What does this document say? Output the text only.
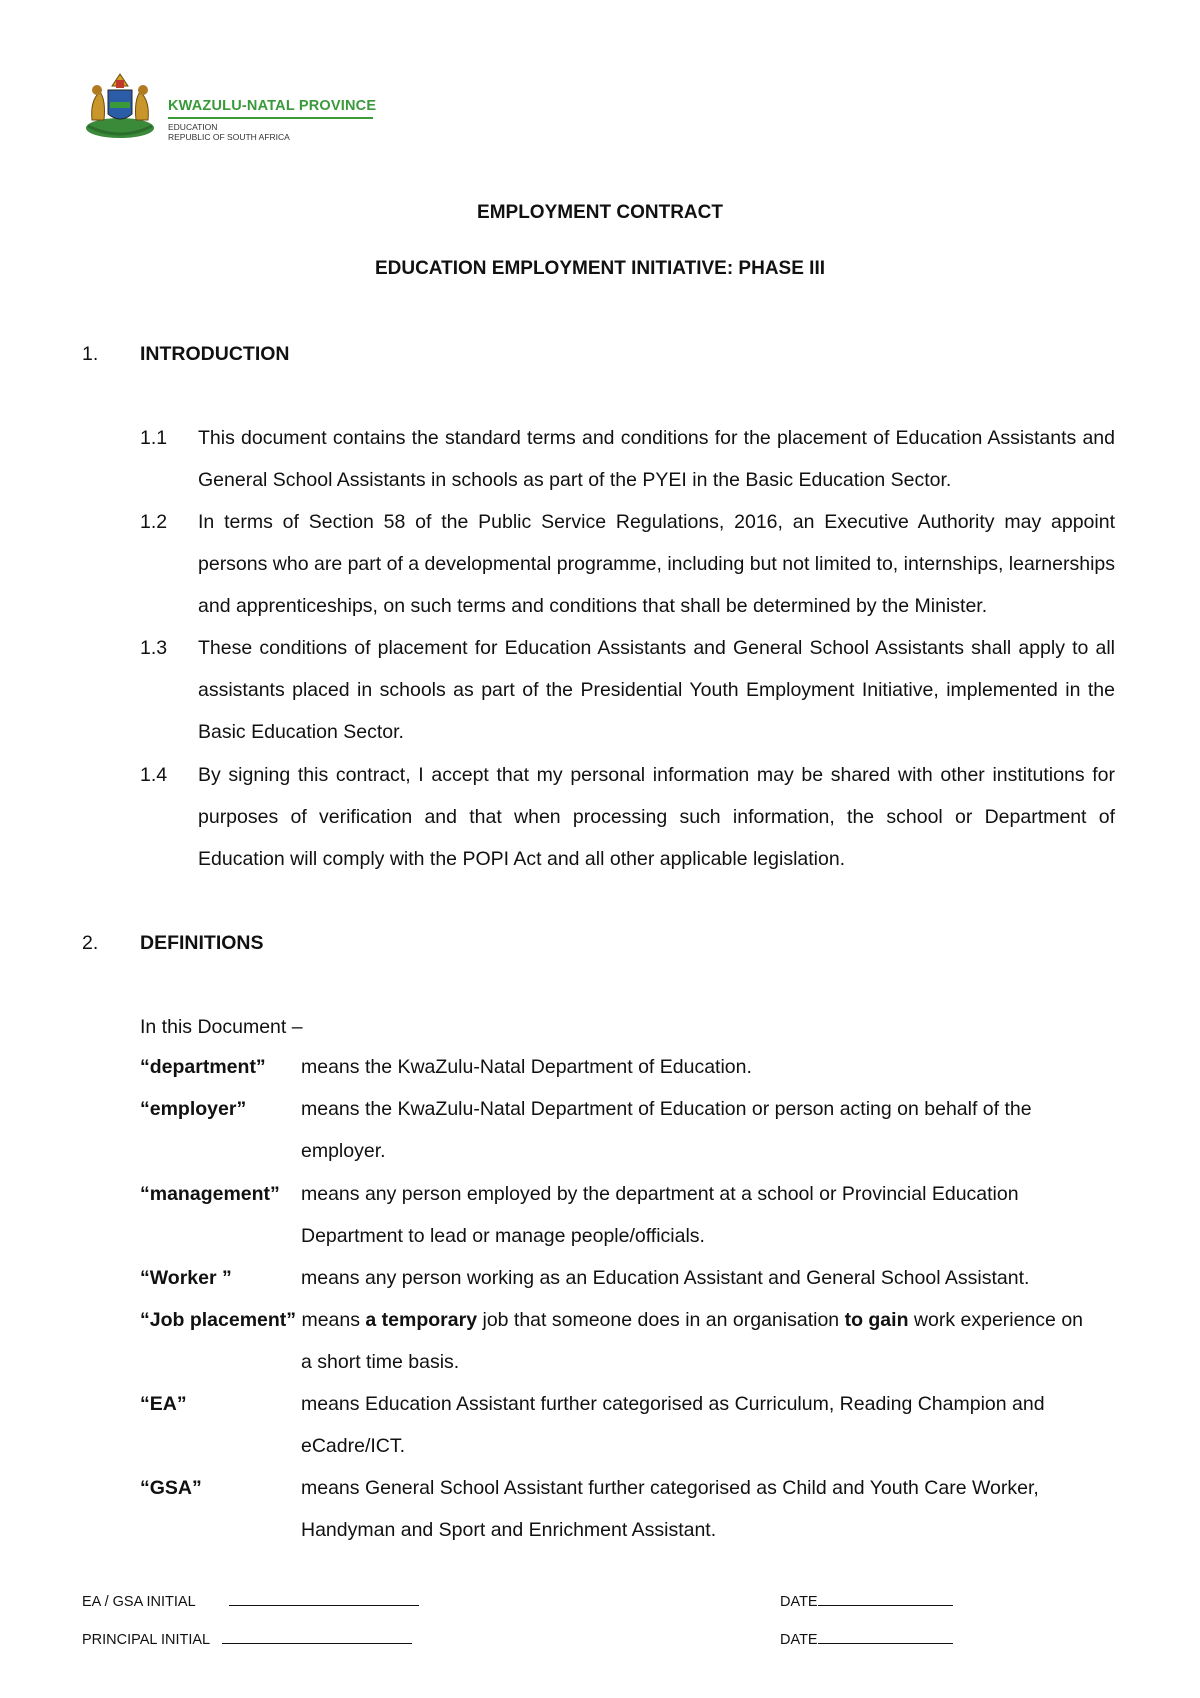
KWAZULU-NATAL PROVINCE
EDUCATION
REPUBLIC OF SOUTH AFRICA
EMPLOYMENT CONTRACT
EDUCATION EMPLOYMENT INITIATIVE: PHASE III
1. INTRODUCTION
1.1 This document contains the standard terms and conditions for the placement of Education Assistants and General School Assistants in schools as part of the PYEI in the Basic Education Sector.
1.2 In terms of Section 58 of the Public Service Regulations, 2016, an Executive Authority may appoint persons who are part of a developmental programme, including but not limited to, internships, learnerships and apprenticeships, on such terms and conditions that shall be determined by the Minister.
1.3 These conditions of placement for Education Assistants and General School Assistants shall apply to all assistants placed in schools as part of the Presidential Youth Employment Initiative, implemented in the Basic Education Sector.
1.4 By signing this contract, I accept that my personal information may be shared with other institutions for purposes of verification and that when processing such information, the school or Department of Education will comply with the POPI Act and all other applicable legislation.
2. DEFINITIONS
In this Document –
“department” means the KwaZulu-Natal Department of Education.
“employer”	means the KwaZulu-Natal Department of Education or person acting on behalf of the employer.
“management” means any person employed by the department at a school or Provincial Education Department to lead or manage people/officials.
“Worker ”	means any person working as an Education Assistant and General School Assistant.
“Job placement” means a temporary job that someone does in an organisation to gain work experience on
a short time basis.
“EA”	means Education Assistant further categorised as Curriculum, Reading Champion and eCadre/ICT.
“GSA”	means General School Assistant further categorised as Child and Youth Care Worker, Handyman and Sport and Enrichment Assistant.
EA / GSA INITIAL	DATE
PRINCIPAL INITIAL	DATE
